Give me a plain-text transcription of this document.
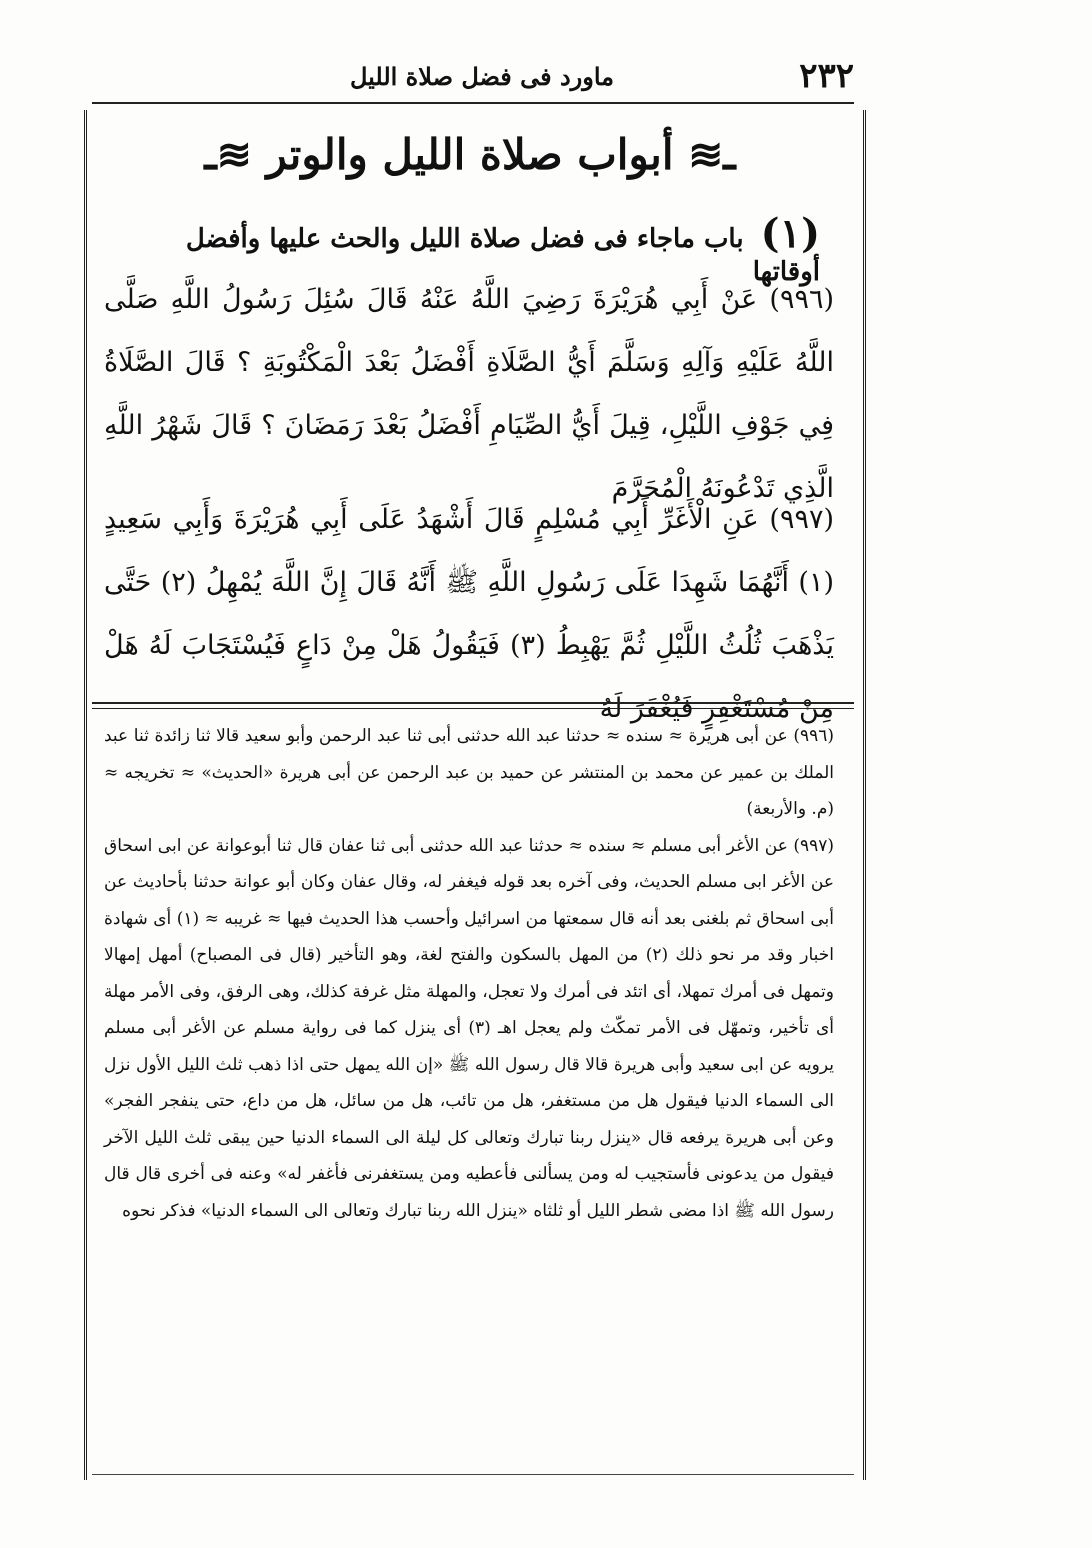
٢٣٢
ماورد فى فضل صلاة الليل
ـ≋ أبواب صلاة الليل والوتر ≋ـ
(١) باب ماجاء فى فضل صلاة الليل والحث عليها وأفضل أوقاتها
(٩٩٦) عَنْ أَبِي هُرَيْرَةَ رَضِيَ اللَّهُ عَنْهُ قَالَ سُئِلَ رَسُولُ اللَّهِ صَلَّى اللَّهُ عَلَيْهِ وَآلِهِ وَسَلَّمَ أَيُّ الصَّلَاةِ أَفْضَلُ بَعْدَ الْمَكْتُوبَةِ ؟ قَالَ الصَّلَاةُ فِي جَوْفِ اللَّيْلِ، قِيلَ أَيُّ الصِّيَامِ أَفْضَلُ بَعْدَ رَمَضَانَ ؟ قَالَ شَهْرُ اللَّهِ الَّذِي تَدْعُونَهُ الْمُحَرَّمَ
(٩٩٧) عَنِ الْأَغَرِّ أَبِي مُسْلِمٍ قَالَ أَشْهَدُ عَلَى أَبِي هُرَيْرَةَ وَأَبِي سَعِيدٍ (١) أَنَّهُمَا شَهِدَا عَلَى رَسُولِ اللَّهِ ﷺ أَنَّهُ قَالَ إِنَّ اللَّهَ يُمْهِلُ (٢) حَتَّى يَذْهَبَ ثُلُثُ اللَّيْلِ ثُمَّ يَهْبِطُ (٣) فَيَقُولُ هَلْ مِنْ دَاعٍ فَيُسْتَجَابَ لَهُ هَلْ مِنْ مُسْتَغْفِرٍ فَيُغْفَرَ لَهُ

(٩٩٦) عن أبى هريرة ≈ سنده ≈ حدثنا عبد الله حدثنى أبى ثنا عبد الرحمن وأبو سعيد قالا ثنا زائدة ثنا عبد الملك بن عمير عن محمد بن المنتشر عن حميد بن عبد الرحمن عن أبى هريرة «الحديث» ≈ تخريجه ≈ (م. والأربعة)

(٩٩٧) عن الأغر أبى مسلم ≈ سنده ≈ حدثنا عبد الله حدثنى أبى ثنا عفان قال ثنا أبوعوانة عن ابى اسحاق عن الأغر ابى مسلم الحديث، وفى آخره بعد قوله فيغفر له، وقال عفان وكان أبو عوانة حدثنا بأحاديث عن أبى اسحاق ثم بلغنى بعد أنه قال سمعتها من اسرائيل وأحسب هذا الحديث فيها ≈ غريبه ≈ (١) أى شهادة اخبار وقد مر نحو ذلك (٢) من المهل بالسكون والفتح لغة، وهو التأخير (قال فى المصباح) أمهل إمهالا وتمهل فى أمرك تمهلا، أى اتئد فى أمرك ولا تعجل، والمهلة مثل غرفة كذلك، وهى الرفق، وفى الأمر مهلة أى تأخير، وتمهّل فى الأمر تمكّث ولم يعجل اهـ (٣) أى ينزل كما فى رواية مسلم عن الأغر أبى مسلم يرويه عن ابى سعيد وأبى هريرة قالا قال رسول الله ﷺ «إن الله يمهل حتى اذا ذهب ثلث الليل الأول نزل الى السماء الدنيا فيقول هل من مستغفر، هل من تائب، هل من سائل، هل من داع، حتى ينفجر الفجر» وعن أبى هريرة يرفعه قال «ينزل ربنا تبارك وتعالى كل ليلة الى السماء الدنيا حين يبقى ثلث الليل الآخر فيقول من يدعونى فأستجيب له ومن يسألنى فأعطيه ومن يستغفرنى فأغفر له» وعنه فى أخرى قال قال رسول الله ﷺ اذا مضى شطر الليل أو ثلثاه «ينزل الله ربنا تبارك وتعالى الى السماء الدنيا» فذكر نحوه
